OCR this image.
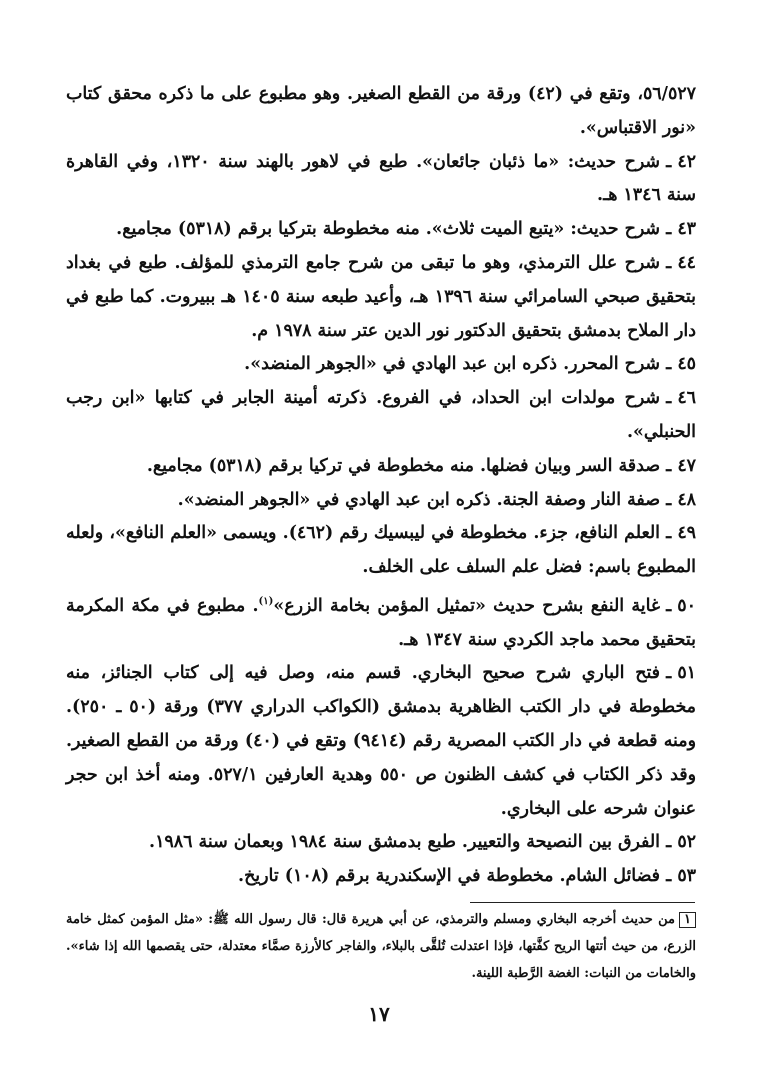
٥٦/٥٢٧، وتقع في (٤٢) ورقة من القطع الصغير. وهو مطبوع على ما ذكره محقق كتاب «نور الاقتباس».

٤٢ ـشرح حديث: «ما ذئبان جائعان». طبع في لاهور بالهند سنة ١٣٢٠، وفي القاهرة سنة ١٣٤٦ هـ.

٤٣ ـشرح حديث: «يتبع الميت ثلاث». منه مخطوطة بتركيا برقم (٥٣١٨) مجاميع.

٤٤ ـشرح علل الترمذي، وهو ما تبقى من شرح جامع الترمذي للمؤلف. طبع في بغداد بتحقيق صبحي السامرائي سنة ١٣٩٦ هـ، وأعيد طبعه سنة ١٤٠٥ هـ ببيروت. كما طبع في دار الملاح بدمشق بتحقيق الدكتور نور الدين عتر سنة ١٩٧٨ م.

٤٥ ـشرح المحرر. ذكره ابن عبد الهادي في «الجوهر المنضد».

٤٦ ـشرح مولدات ابن الحداد، في الفروع. ذكرته أمينة الجابر في كتابها «ابن رجب الحنبلي».

٤٧ ـصدقة السر وبيان فضلها. منه مخطوطة في تركيا برقم (٥٣١٨) مجاميع.

٤٨ ـصفة النار وصفة الجنة. ذكره ابن عبد الهادي في «الجوهر المنضد».

٤٩ ـالعلم النافع، جزء. مخطوطة في ليبسيك رقم (٤٦٢). ويسمى «العلم النافع»، ولعله المطبوع باسم: فضل علم السلف على الخلف.

٥٠ ـغاية النفع بشرح حديث «تمثيل المؤمن بخامة الزرع»$^{(١)}$. مطبوع في مكة المكرمة بتحقيق محمد ماجد الكردي سنة ١٣٤٧ هـ.

٥١ ـفتح الباري شرح صحيح البخاري. قسم منه، وصل فيه إلى كتاب الجنائز، منه مخطوطة في دار الكتب الظاهرية بدمشق (الكواكب الدراري ٣٧٧) ورقة (٥٠ ـ ٢٥٠). ومنه قطعة في دار الكتب المصرية رقم (٩٤١٤) وتقع في (٤٠) ورقة من القطع الصغير. وقد ذكر الكتاب في كشف الظنون ص ٥٥٠ وهدية العارفين ٥٢٧/١. ومنه أخذ ابن حجر عنوان شرحه على البخاري.

٥٢ ـالفرق بين النصيحة والتعيير. طبع بدمشق سنة ١٩٨٤ وبعمان سنة ١٩٨٦.

٥٣ ـفضائل الشام. مخطوطة في الإسكندرية برقم (١٠٨) تاريخ.

١من حديث أخرجه البخاري ومسلم والترمذي، عن أبي هريرة قال: قال رسول الله ﷺ: «مثل المؤمن كمثل خامة الزرع، من حيث أتتها الريح كفَّتها، فإذا اعتدلت تُلقَّى بالبلاء، والفاجر كالأرزة صمَّاء معتدلة، حتى يقصمها الله إذا شاء». والخامات من النبات: الغضة الرَّطبة اللينة.
١٧
